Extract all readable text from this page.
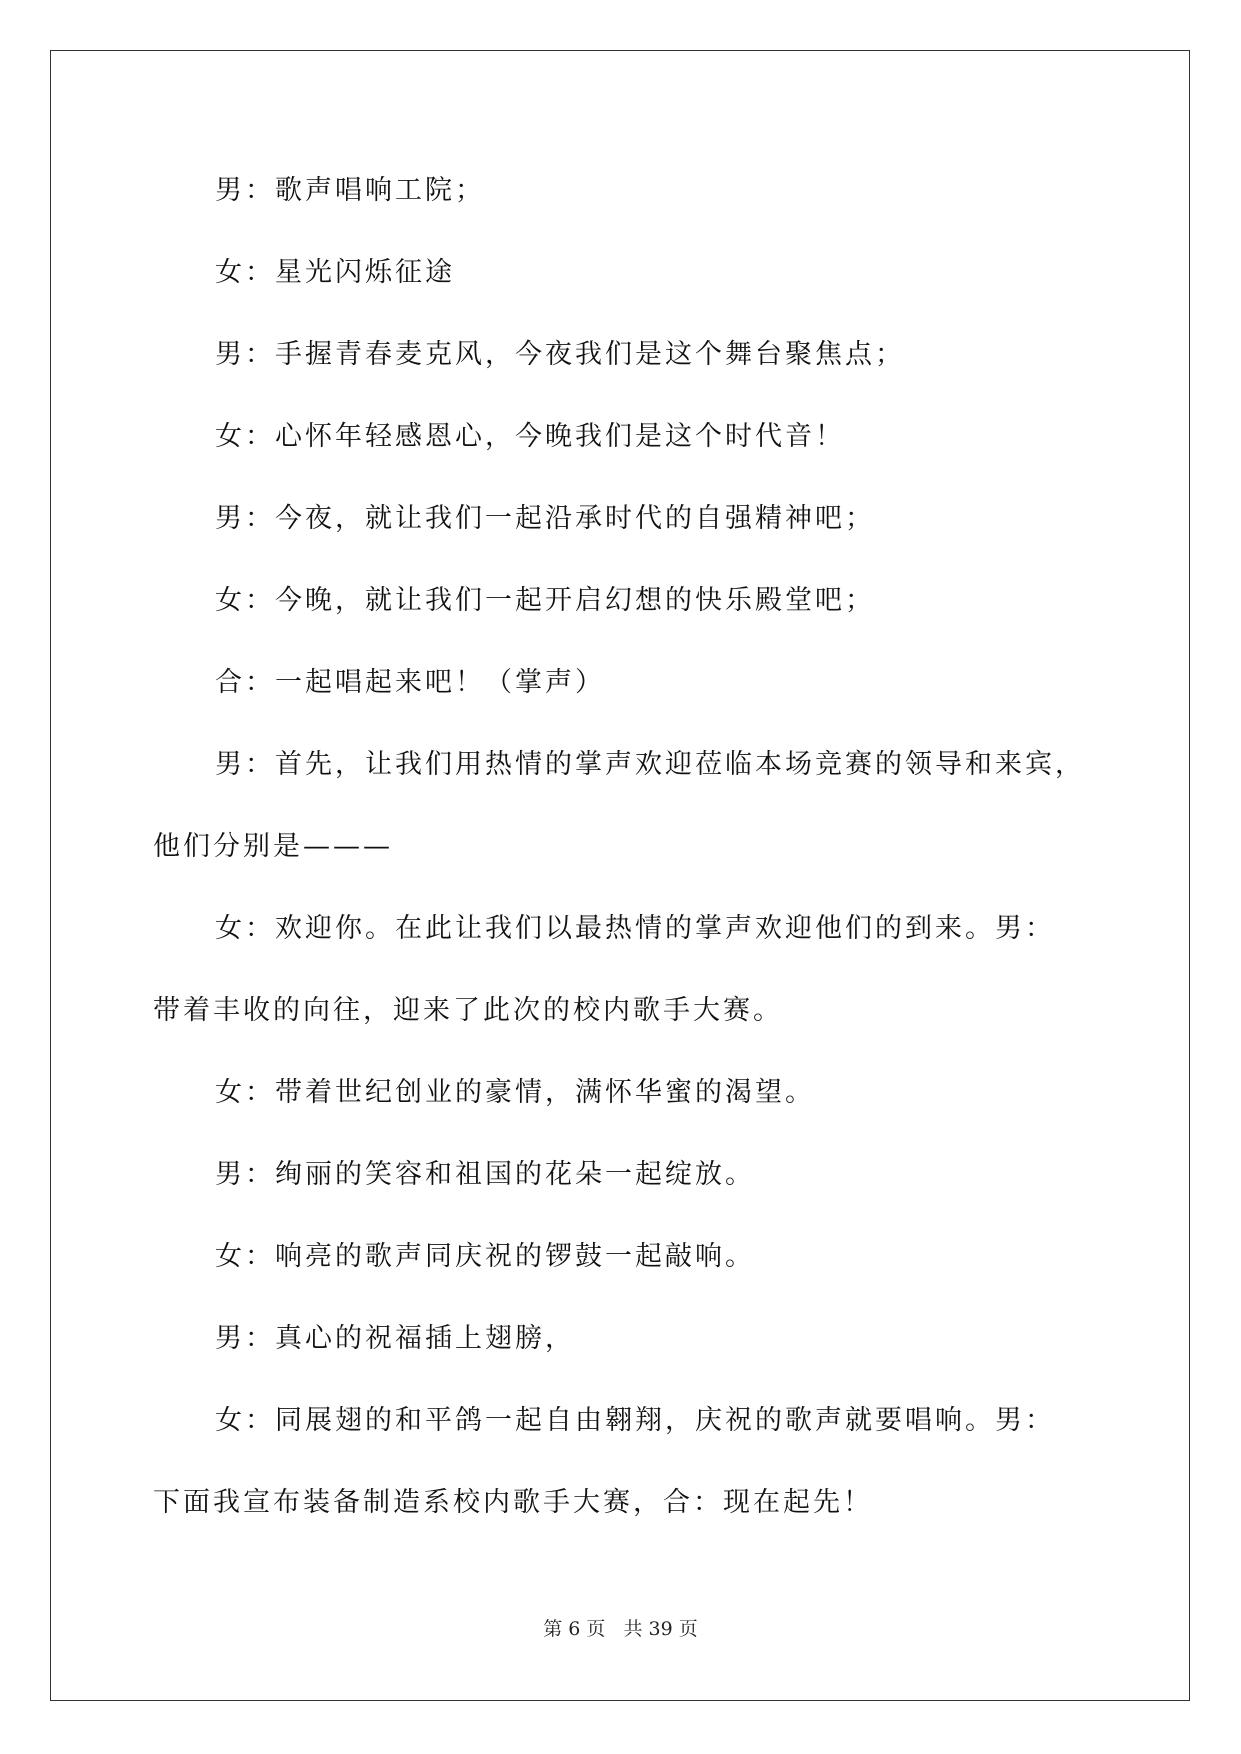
男：歌声唱响工院；

女：星光闪烁征途

男：手握青春麦克风，今夜我们是这个舞台聚焦点；

女：心怀年轻感恩心，今晚我们是这个时代音！

男：今夜，就让我们一起沿承时代的自强精神吧；

女：今晚，就让我们一起开启幻想的快乐殿堂吧；

合：一起唱起来吧！（掌声）

男：首先，让我们用热情的掌声欢迎莅临本场竞赛的领导和来宾，

他们分别是———

女：欢迎你。在此让我们以最热情的掌声欢迎他们的到来。男：

带着丰收的向往，迎来了此次的校内歌手大赛。

女：带着世纪创业的豪情，满怀华蜜的渴望。

男：绚丽的笑容和祖国的花朵一起绽放。

女：响亮的歌声同庆祝的锣鼓一起敲响。

男：真心的祝福插上翅膀，

女：同展翅的和平鸽一起自由翱翔，庆祝的歌声就要唱响。男：

下面我宣布装备制造系校内歌手大赛，合：现在起先！

第 6 页 共 39 页
